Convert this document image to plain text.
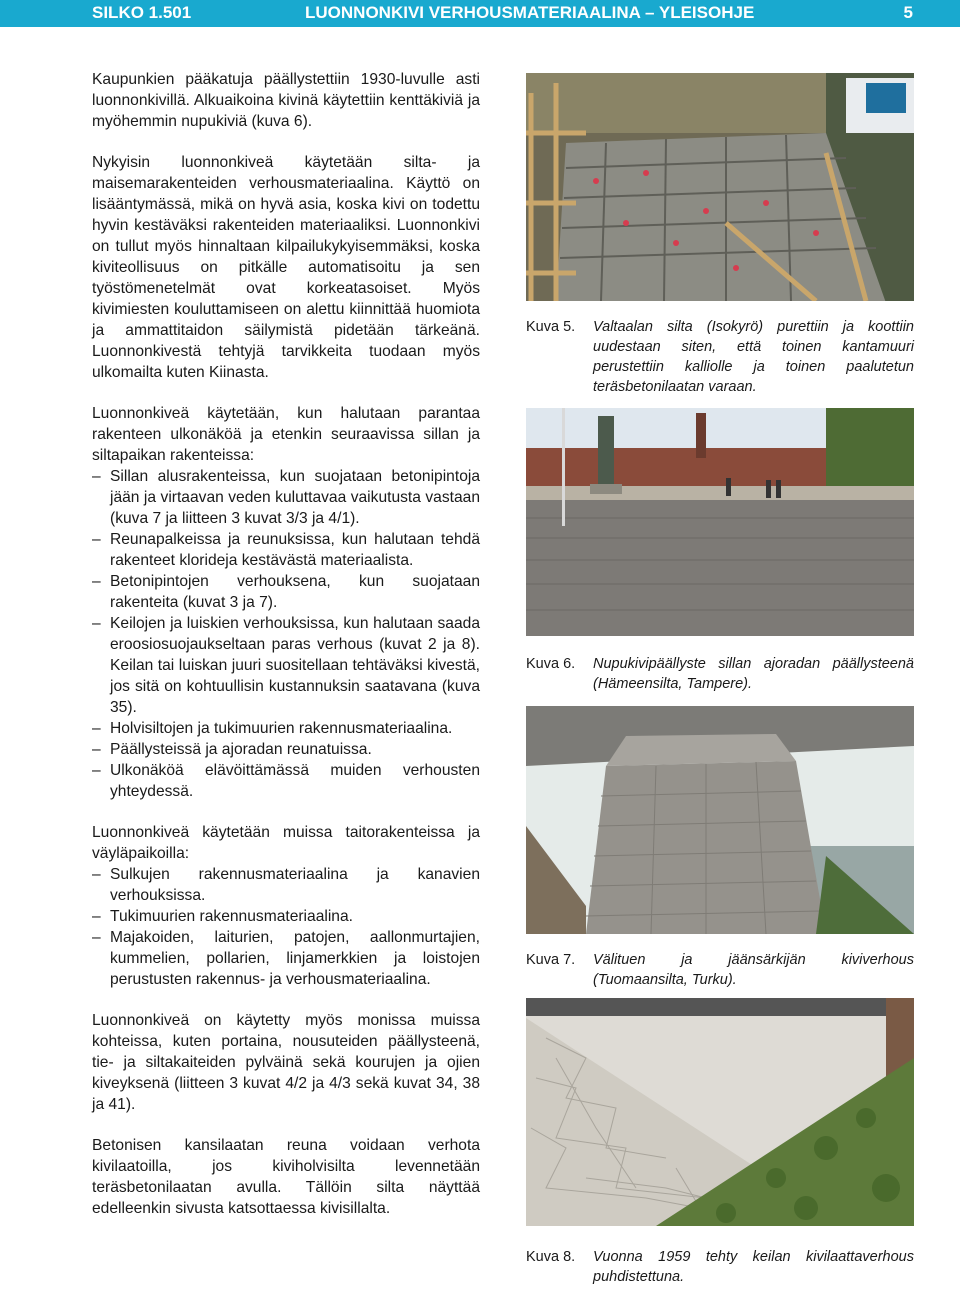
SILKO 1.501	LUONNONKIVI VERHOUSMATERIAALINA – YLEISOHJE	5

Kaupunkien pääkatuja päällystettiin 1930-luvulle asti luonnonkivillä. Alkuaikoina kivinä käytettiin kenttäkiviä ja myöhemmin nupukiviä (kuva 6).

Nykyisin luonnonkiveä käytetään silta- ja maisemarakenteiden verhousmateriaalina. Käyttö on lisääntymässä, mikä on hyvä asia, koska kivi on todettu hyvin kestäväksi rakenteiden materiaaliksi. Luonnonkivi on tullut myös hinnaltaan kilpailukykyisemmäksi, koska kiviteollisuus on pitkälle automatisoitu ja sen työstömenetelmät ovat korkeatasoiset. Myös kivimiesten kouluttamiseen on alettu kiinnittää huomiota ja ammattitaidon säilymistä pidetään tärkeänä. Luonnonkivestä tehtyjä tarvikkeita tuodaan myös ulkomailta kuten Kiinasta.

Luonnonkiveä käytetään, kun halutaan parantaa rakenteen ulkonäköä ja etenkin seuraavissa sillan ja siltapaikan rakenteissa:

– Sillan alusrakenteissa, kun suojataan betonipintoja jään ja virtaavan veden kuluttavaa vaikutusta vastaan (kuva 7 ja liitteen 3 kuvat 3/3 ja 4/1).
– Reunapalkeissa ja reunuksissa, kun halutaan tehdä rakenteet klorideja kestävästä materiaalista.
– Betonipintojen verhouksena, kun suojataan rakenteita (kuvat 3 ja 7).
– Keilojen ja luiskien verhouksissa, kun halutaan saada eroosiosuojaukseltaan paras verhous (kuvat 2 ja 8). Keilan tai luiskan juuri suositellaan tehtäväksi kivestä, jos sitä on kohtuullisin kustannuksin saatavana (kuva 35).
– Holvisiltojen ja tukimuurien rakennusmateriaalina.
– Päällysteissä ja ajoradan reunatuissa.
– Ulkonäköä elävöittämässä muiden verhousten yhteydessä.

Luonnonkiveä käytetään muissa taitorakenteissa ja väyläpaikoilla:

– Sulkujen rakennusmateriaalina ja kanavien verhouksissa.
– Tukimuurien rakennusmateriaalina.
– Majakoiden, laiturien, patojen, aallonmurtajien, kummelien, pollarien, linjamerkkien ja loistojen perustusten rakennus- ja verhousmateriaalina.

Luonnonkiveä on käytetty myös monissa muissa kohteissa, kuten portaina, nousuteiden päällysteenä, tie- ja siltakaiteiden pylväinä sekä kourujen ja ojien kiveyksenä (liitteen 3 kuvat 4/2 ja 4/3 sekä kuvat 34, 38 ja 41).

Betonisen kansilaatan reuna voidaan verhota kivilaatoilla, jos kiviholvisilta levennetään teräsbetonilaatan avulla. Tällöin silta näyttää edelleenkin sivusta katsottaessa kivisillalta.

Kuva 5. Valtaalan silta (Isokyrö) purettiin ja koottiin uudestaan siten, että toinen kantamuuri perustettiin kalliolle ja toinen paalutetun teräsbetonilaatan varaan.
Kuva 6. Nupukivipäällyste sillan ajoradan päällysteenä (Hämeensilta, Tampere).
Kuva 7. Välituen ja jäänsärkijän kiviverhous (Tuomaansilta, Turku).
Kuva 8. Vuonna 1959 tehty keilan kivilaattaverhous puhdistettuna.
